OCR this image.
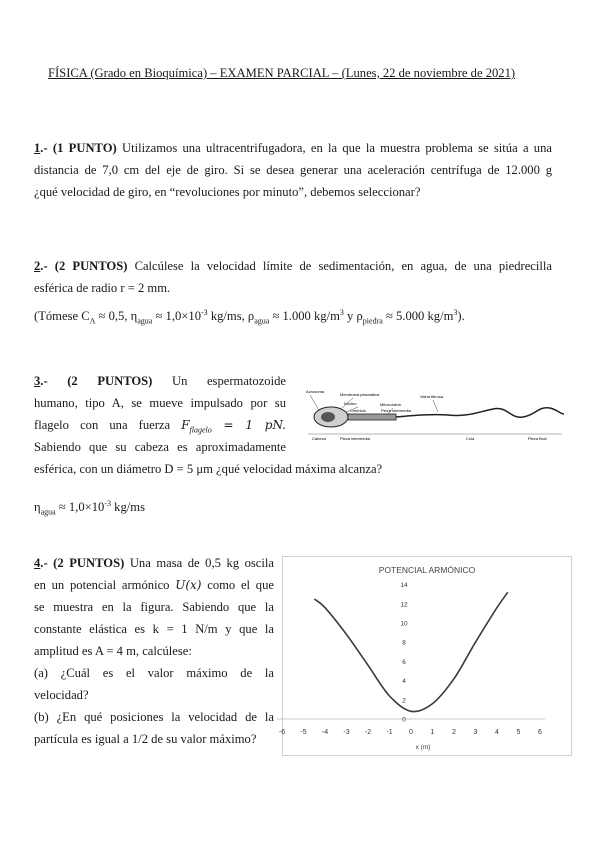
FÍSICA (Grado en Bioquímica) – EXAMEN PARCIAL – (Lunes, 22 de noviembre de 2021)
1.- (1 PUNTO) Utilizamos una ultracentrifugadora, en la que la muestra problema se sitúa a una
distancia de 7,0 cm del eje de giro. Si se desea generar una aceleración centrífuga de 12.000 g
¿qué velocidad de giro, en “revoluciones por minuto”, debemos seleccionar?
2.- (2 PUNTOS) Calcúlese la velocidad límite de sedimentación, en agua, de una piedrecilla
esférica de radio r = 2 mm.
(Tómese $C_A \approx 0,5$, $\eta_{agua} \approx 1,0\times 10^{-3}$ kg/ms, $\rho_{agua} \approx 1.000$ $kg/m^3$ y $\rho_{piedra} \approx 5.000$ $kg/m^3$).
3.- (2 PUNTOS) Un espermatozoide
humano, tipo A, se mueve impulsado por su
flagelo con una fuerza $F_{flagelo} = 1$ pN.
Sabiendo que su cabeza es aproximadamente
esférica, con un diámetro D = 5 μm ¿qué velocidad máxima alcanza?
$\eta_{agua} \approx 1,0\times 10^{-3}$ kg/ms
Acrosoma
Membrana plasmática
Núcleo
Centriolo
Mitocondria
Pieza intermedia
Vaina fibrosa
Cabeza	Pieza intermedia	Cola	Pieza final
4.- (2 PUNTOS) Una masa de 0,5 kg oscila
en un potencial armónico U(x) como el que
se muestra en la figura. Sabiendo que la
constante elástica es k = 1 N/m y que la
amplitud es A = 4 m, calcúlese:
(a) ¿Cuál es el valor máximo de la
velocidad?
(b) ¿En qué posiciones la velocidad de la
partícula es igual a 1/2 de su valor máximo?
POTENCIAL ARMÓNICO
-6 -5 -4 -3 -2 -1 0	1	2	3	4	5	6
0
2
4
6
8
10
12
14
x (m)
